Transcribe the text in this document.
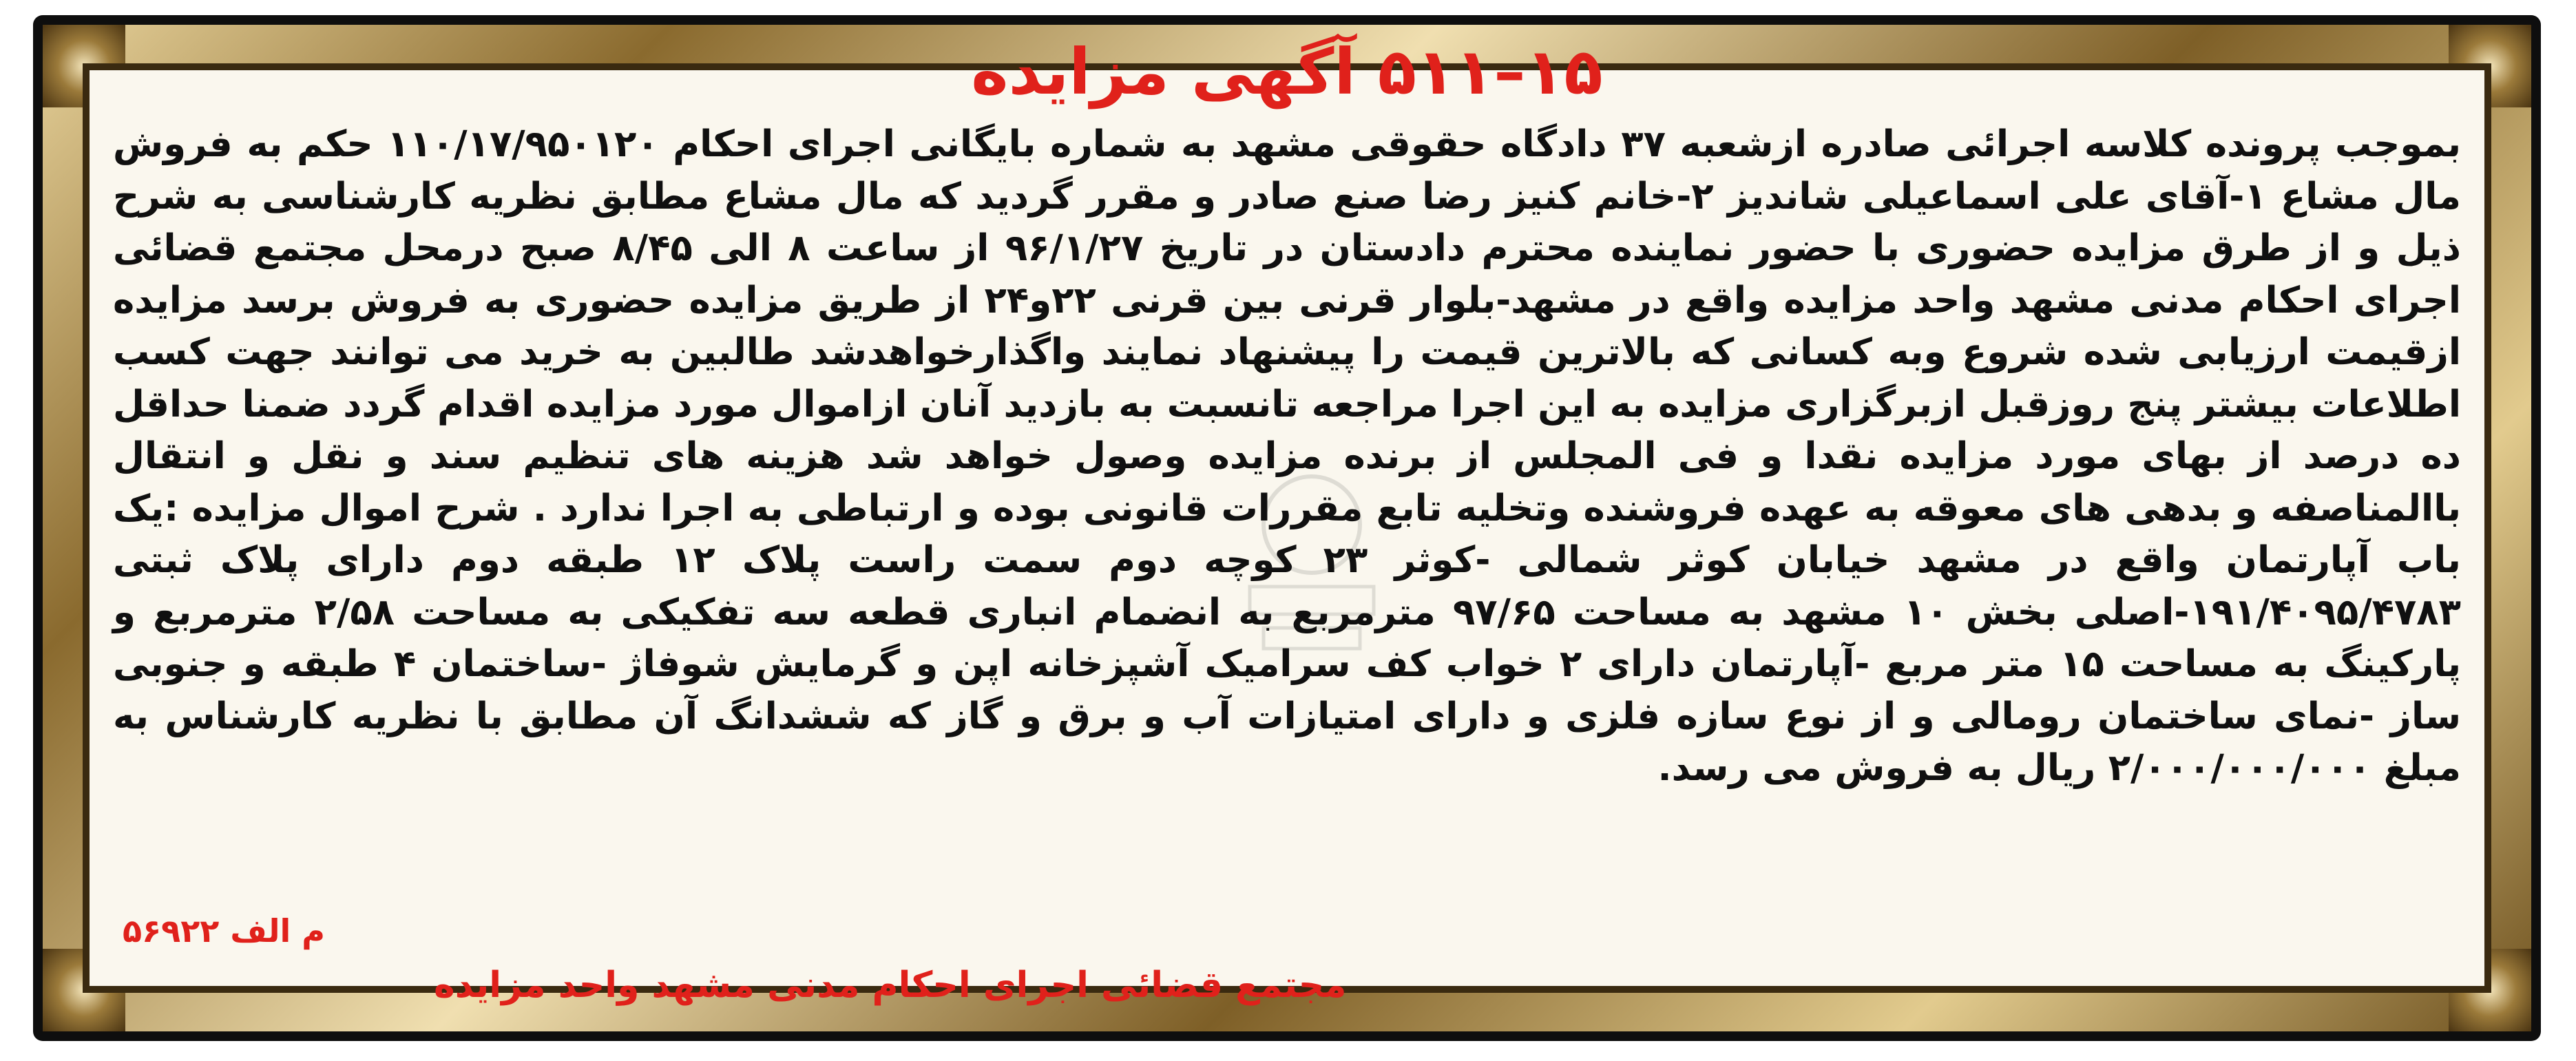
۱۵–۵۱۱ آگهی مزایده

بموجب پرونده کلاسه اجرائی صادره ازشعبه ۳۷ دادگاه حقوقی مشهد به شماره بایگانی اجرای احکام ۱۱۰/۱۷/۹۵۰۱۲۰ حکم به فروش مال مشاع ۱-آقای علی اسماعیلی شاندیز ۲-خانم کنیز رضا صنع صادر و مقرر گردید که مال مشاع مطابق نظریه کارشناسی به شرح ذیل و از طرق مزایده حضوری با حضور نماینده محترم دادستان در تاریخ ۹۶/۱/۲۷ از ساعت ۸ الی ۸/۴۵ صبح درمحل مجتمع قضائی اجرای احکام مدنی مشهد واحد مزایده واقع در مشهد-بلوار قرنی بین قرنی ۲۲و۲۴ از طریق مزایده حضوری به فروش برسد مزایده ازقیمت ارزیابی شده شروع وبه کسانی که بالاترین قیمت را پیشنهاد نمایند واگذارخواهدشد طالبین به خرید می توانند جهت کسب اطلاعات بیشتر پنج روزقبل ازبرگزاری مزایده به این اجرا مراجعه تانسبت به بازدید آنان ازاموال مورد مزایده اقدام گردد ضمنا حداقل ده درصد از بهای مورد مزایده نقدا و فی المجلس از برنده مزایده وصول خواهد شد هزینه های تنظیم سند و نقل و انتقال باالمناصفه و بدهی های معوقه به عهده فروشنده وتخلیه تابع مقررات قانونی بوده و ارتباطی به اجرا ندارد . شرح اموال مزایده :یک باب آپارتمان واقع در مشهد خیابان کوثر شمالی -کوثر ۲۳ کوچه دوم سمت راست پلاک ۱۲ طبقه دوم دارای پلاک ثبتی ۱۹۱/۴۰۹۵/۴۷۸۳-اصلی بخش ۱۰ مشهد به مساحت ۹۷/۶۵ مترمربع به انضمام انباری قطعه سه تفکیکی به مساحت ۲/۵۸ مترمربع و پارکینگ به مساحت ۱۵ متر مربع -آپارتمان دارای ۲ خواب کف سرامیک آشپزخانه اپن و گرمایش شوفاژ -ساختمان ۴ طبقه و جنوبی ساز -نمای ساختمان رومالی و از نوع سازه فلزی و دارای امتیازات آب و برق و گاز که ششدانگ آن مطابق با نظریه کارشناس به مبلغ ۲/۰۰۰/۰۰۰/۰۰۰ ریال به فروش می رسد.

م الف ۵۶۹۲۲
مجتمع قضائی اجرای احکام مدنی مشهد واحد مزایده
